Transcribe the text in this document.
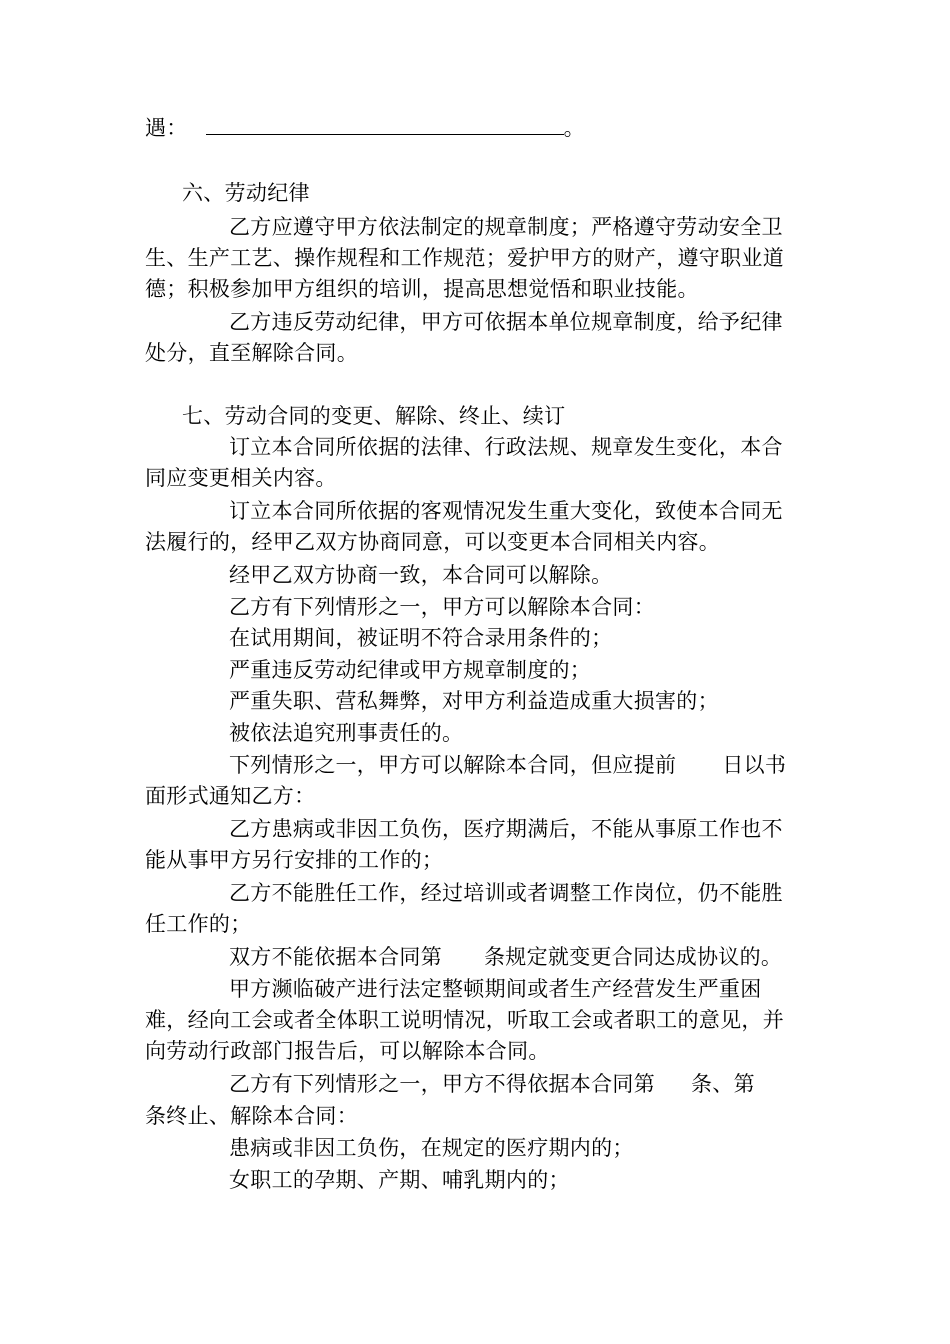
遇：	。
六、劳动纪律
乙方应遵守甲方依法制定的规章制度；严格遵守劳动安全卫
生、生产工艺、操作规程和工作规范；爱护甲方的财产，遵守职业道
德；积极参加甲方组织的培训，提高思想觉悟和职业技能。
乙方违反劳动纪律，甲方可依据本单位规章制度，给予纪律
处分，直至解除合同。
七、劳动合同的变更、解除、终止、续订
订立本合同所依据的法律、行政法规、规章发生变化，本合
同应变更相关内容。
订立本合同所依据的客观情况发生重大变化，致使本合同无
法履行的，经甲乙双方协商同意，可以变更本合同相关内容。
经甲乙双方协商一致，本合同可以解除。
乙方有下列情形之一，甲方可以解除本合同：
在试用期间，被证明不符合录用条件的；
严重违反劳动纪律或甲方规章制度的；
严重失职、营私舞弊，对甲方利益造成重大损害的；
被依法追究刑事责任的。
下列情形之一，甲方可以解除本合同，但应提前 日以书
面形式通知乙方：
乙方患病或非因工负伤，医疗期满后，不能从事原工作也不
能从事甲方另行安排的工作的；
乙方不能胜任工作，经过培训或者调整工作岗位，仍不能胜
任工作的；
双方不能依据本合同第 条规定就变更合同达成协议的。
甲方濒临破产进行法定整顿期间或者生产经营发生严重困
难，经向工会或者全体职工说明情况，听取工会或者职工的意见，并
向劳动行政部门报告后，可以解除本合同。
乙方有下列情形之一，甲方不得依据本合同第 条、第
条终止、解除本合同：
患病或非因工负伤，在规定的医疗期内的；
女职工的孕期、产期、哺乳期内的；
